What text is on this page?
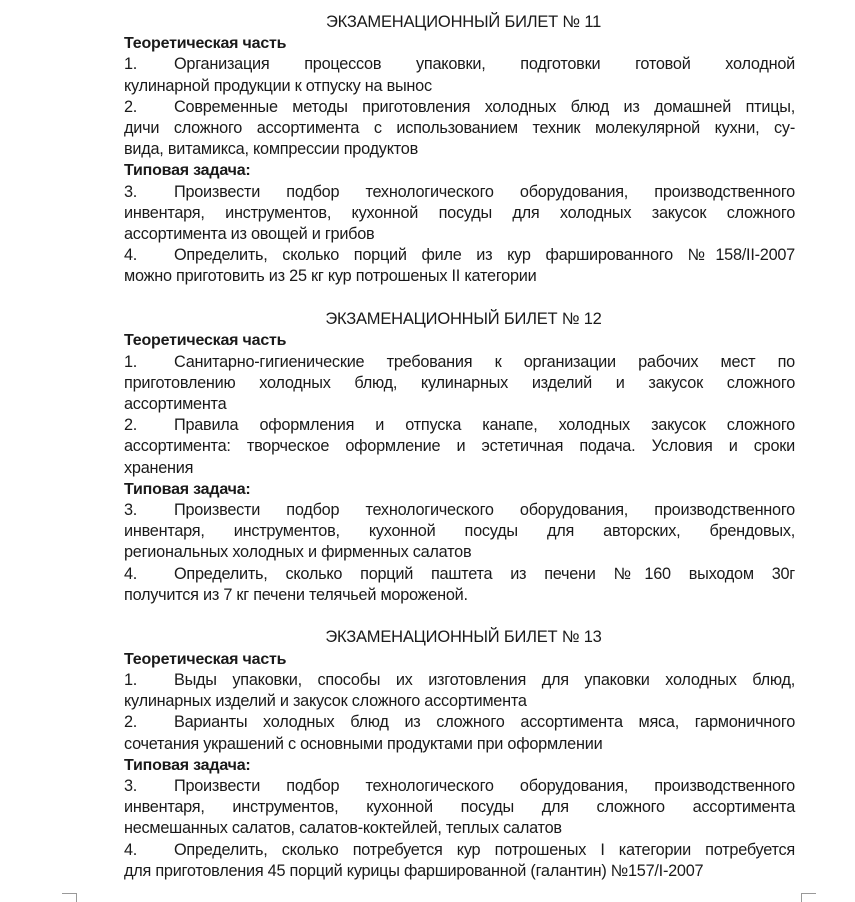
ЭКЗАМЕНАЦИОННЫЙ БИЛЕТ № 11
Теоретическая часть
1. Организация процессов упаковки, подготовки готовой холодной
кулинарной продукции к отпуску на вынос
2. Современные методы приготовления холодных блюд из домашней птицы,
дичи сложного ассортимента с использованием техник молекулярной кухни, су-
вида, витамикса, компрессии продуктов
Типовая задача:
3. Произвести подбор технологического оборудования, производственного
инвентаря, инструментов, кухонной посуды для холодных закусок сложного
ассортимента из овощей и грибов
4. Определить, сколько порций филе из кур фаршированного №158/II-2007
можно приготовить из 25 кг кур потрошеных II категории
ЭКЗАМЕНАЦИОННЫЙ БИЛЕТ № 12
Теоретическая часть
1. Санитарно-гигиенические требования к организации рабочих мест по
приготовлению холодных блюд, кулинарных изделий и закусок сложного
ассортимента
2. Правила оформления и отпуска канапе, холодных закусок сложного
ассортимента: творческое оформление и эстетичная подача. Условия и сроки
хранения
Типовая задача:
3. Произвести подбор технологического оборудования, производственного
инвентаря, инструментов, кухонной посуды для авторских, брендовых,
региональных холодных и фирменных салатов
4. Определить, сколько порций паштета из печени №160 выходом 30г
получится из 7 кг печени телячьей мороженой.
ЭКЗАМЕНАЦИОННЫЙ БИЛЕТ № 13
Теоретическая часть
1. Выды упаковки, способы их изготовления для упаковки холодных блюд,
кулинарных изделий и закусок сложного ассортимента
2. Варианты холодных блюд из сложного ассортимента мяса, гармоничного
сочетания украшений с основными продуктами при оформлении
Типовая задача:
3. Произвести подбор технологического оборудования, производственного
инвентаря, инструментов, кухонной посуды для сложного ассортимента
несмешанных салатов, салатов-коктейлей, теплых салатов
4. Определить, сколько потребуется кур потрошеных I категории потребуется
для приготовления 45 порций курицы фаршированной (галантин) №157/I-2007
